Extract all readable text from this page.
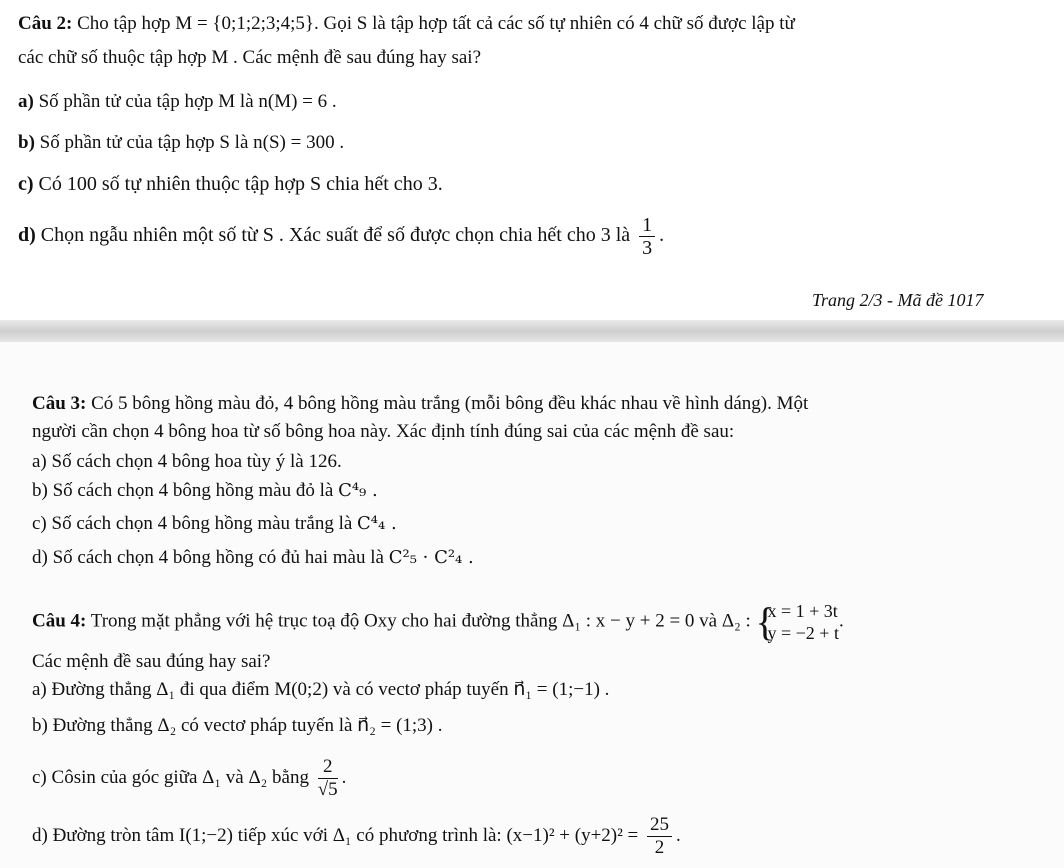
Câu 2: Cho tập hợp M = {0;1;2;3;4;5}. Gọi S là tập hợp tất cả các số tự nhiên có 4 chữ số được lập từ
các chữ số thuộc tập hợp M . Các mệnh đề sau đúng hay sai?
a) Số phần tử của tập hợp M là n(M) = 6 .
b) Số phần tử của tập hợp S là n(S) = 300 .
c) Có 100 số tự nhiên thuộc tập hợp S chia hết cho 3.
d) Chọn ngẫu nhiên một số từ S . Xác suất để số được chọn chia hết cho 3 là $\frac{1}{3}$ .
Trang 2/3 - Mã đề 1017
Câu 3: Có 5 bông hồng màu đỏ, 4 bông hồng màu trắng (mỗi bông đều khác nhau về hình dáng). Một
người cần chọn 4 bông hoa từ số bông hoa này. Xác định tính đúng sai của các mệnh đề sau:
a) Số cách chọn 4 bông hoa tùy ý là 126.
b) Số cách chọn 4 bông hồng màu đỏ là C⁴₉ .
c) Số cách chọn 4 bông hồng màu trắng là C⁴₄ .
d) Số cách chọn 4 bông hồng có đủ hai màu là C²₅ · C²₄ .
Câu 4: Trong mặt phẳng với hệ trục toạ độ Oxy cho hai đường thẳng Δ₁ : x − y + 2 = 0 và Δ₂ : {
x = 1 + 3t
y = −2 + t
.
Các mệnh đề sau đúng hay sai?
a) Đường thẳng Δ₁ đi qua điểm M(0;2) và có vectơ pháp tuyến n⃗₁ = (1;−1) .
b) Đường thẳng Δ₂ có vectơ pháp tuyến là n⃗₂ = (1;3) .
c) Côsin của góc giữa Δ₁ và Δ₂ bằng $\frac{2}{√5}$ .
d) Đường tròn tâm I(1;−2) tiếp xúc với Δ₁ có phương trình là: $(x-1)^2 + (y+2)^2 = \frac{25}{2}$ .
